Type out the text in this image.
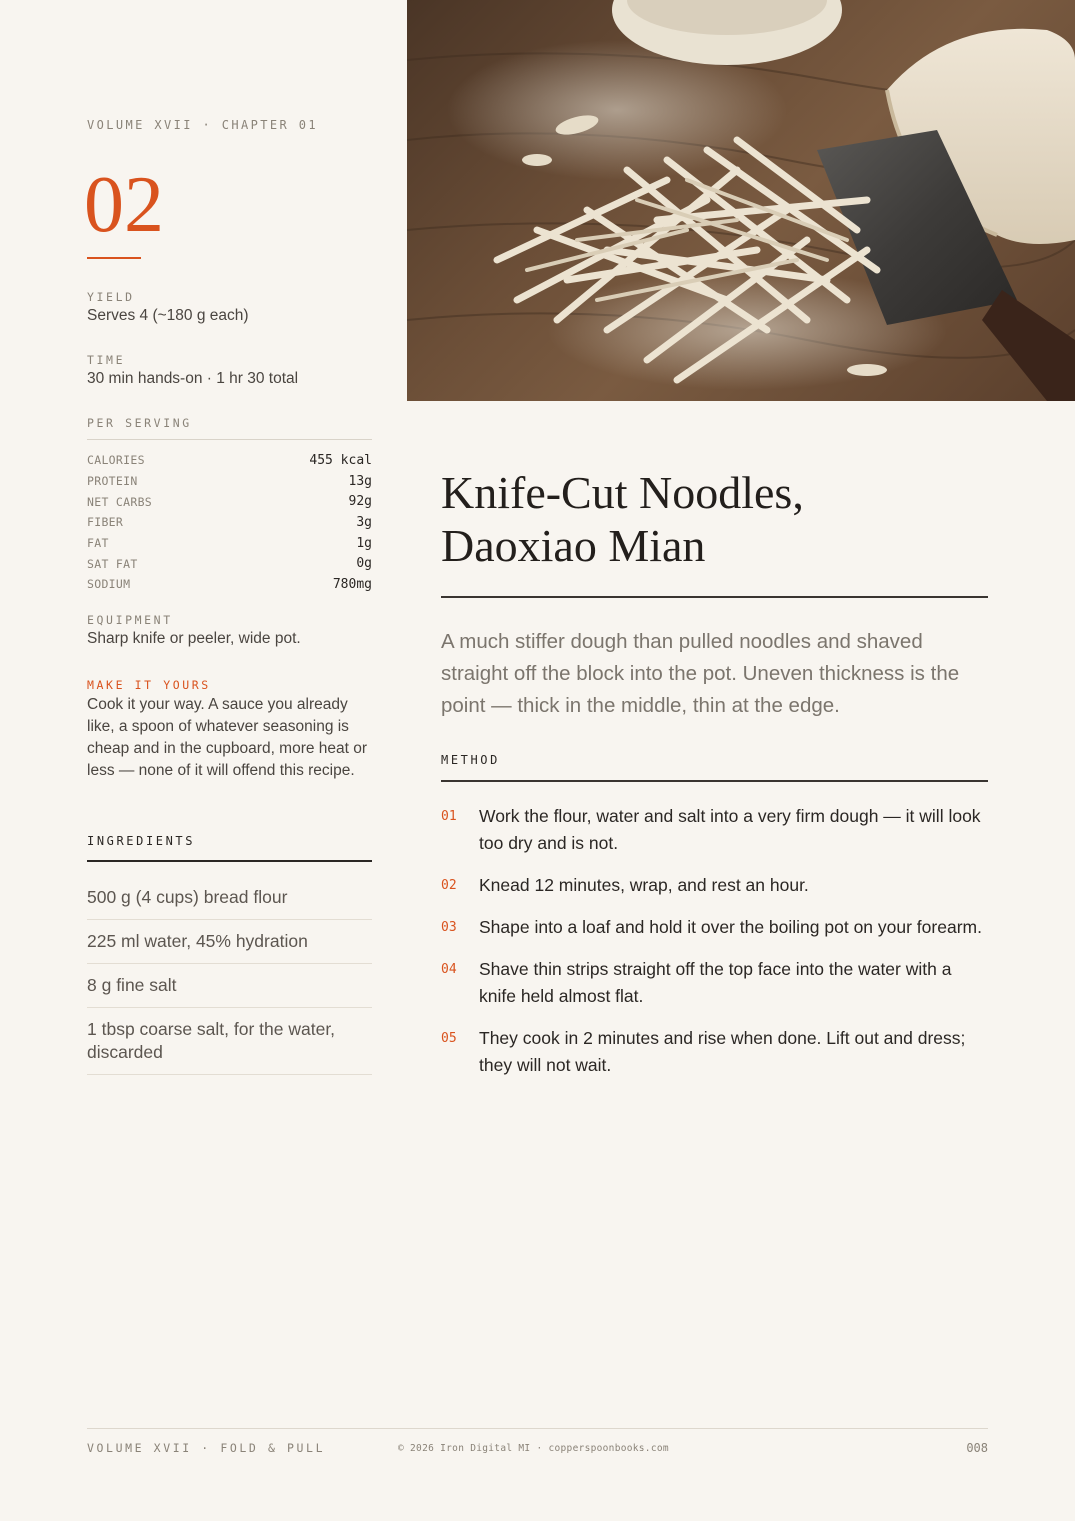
VOLUME XVII · CHAPTER 01
02
YIELD
Serves 4 (~180 g each)
TIME
30 min hands-on · 1 hr 30 total
PER SERVING
CALORIES	455 kcal
PROTEIN	13g
NET CARBS	92g
FIBER	3g
FAT	1g
SAT FAT	0g
SODIUM	780mg
EQUIPMENT
Sharp knife or peeler, wide pot.
MAKE IT YOURS
Cook it your way. A sauce you already like, a spoon of whatever seasoning is cheap and in the cupboard, more heat or less — none of it will offend this recipe.
INGREDIENTS
500 g (4 cups) bread flour
225 ml water, 45% hydration
8 g fine salt
1 tbsp coarse salt, for the water, discarded
Knife-Cut Noodles,
Daoxiao Mian

A much stiffer dough than pulled noodles and shaved straight off the block into the pot. Uneven thickness is the point — thick in the middle, thin at the edge.

METHOD
01	Work the flour, water and salt into a very firm dough — it will look too dry and is not.
02	Knead 12 minutes, wrap, and rest an hour.
03	Shape into a loaf and hold it over the boiling pot on your forearm.
04	Shave thin strips straight off the top face into the water with a knife held almost flat.
05	They cook in 2 minutes and rise when done. Lift out and dress; they will not wait.
VOLUME XVII · FOLD & PULL	© 2026 Iron Digital MI · copperspoonbooks.com	008
